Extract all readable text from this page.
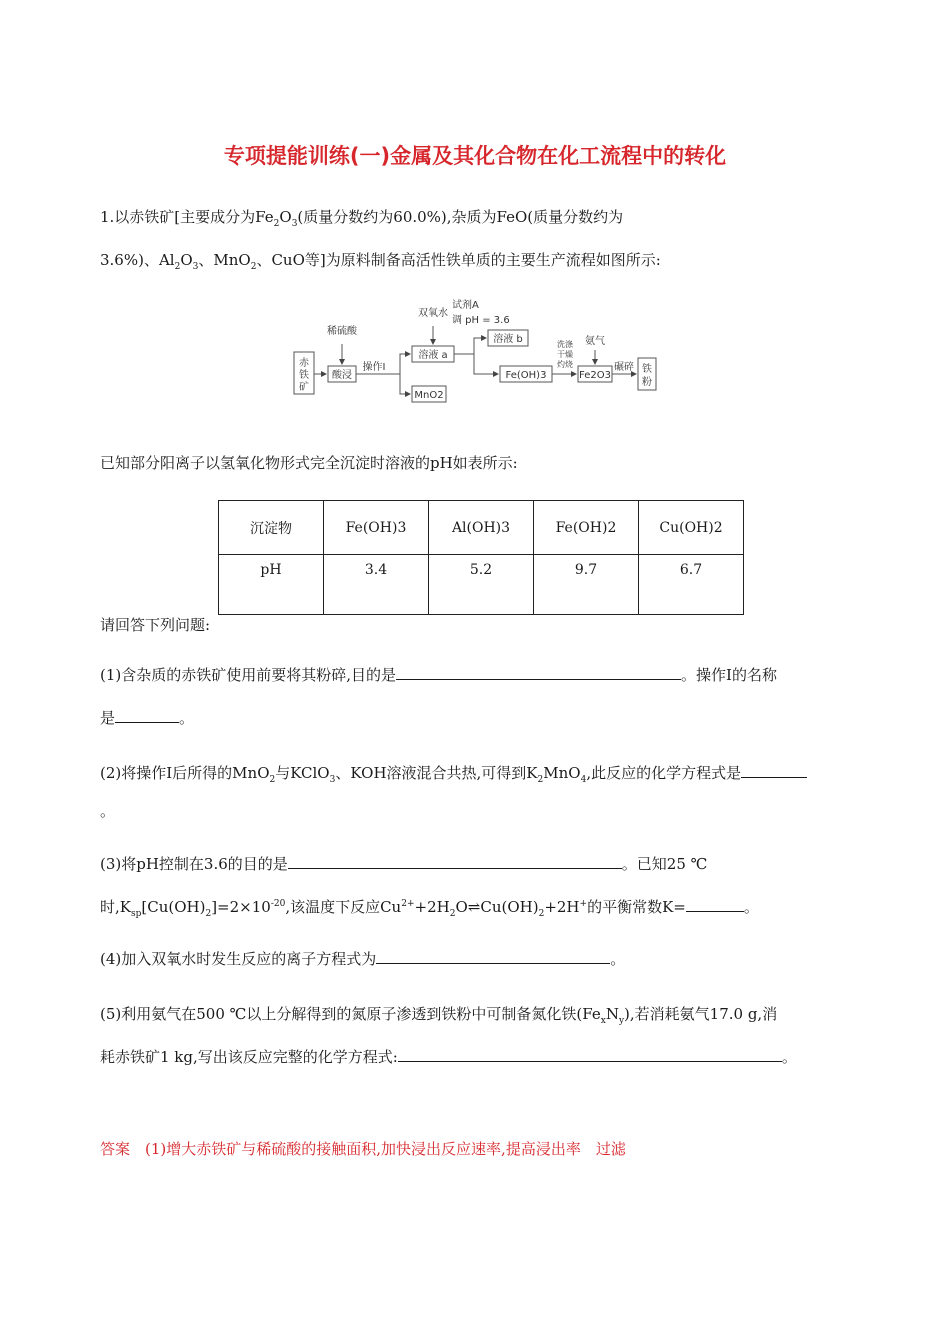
专项提能训练(一)金属及其化合物在化工流程中的转化
1.以赤铁矿[主要成分为$Fe_2O_3$(质量分数约为60.0%),杂质为FeO(质量分数约为
3.6%)、$Al_2O_3$、MnO$_2$、CuO等]为原料制备高活性铁单质的主要生产流程如图所示:
赤
铁
矿
稀硫酸
酸浸
操作Ⅰ
双氧水
试剂A
调 pH = 3.6
溶液 a
MnO2
溶液 b
Fe(OH)3
洗涤
干燥
灼烧
氨气
Fe2O3
碾碎 铁
粉
已知部分阳离子以氢氧化物形式完全沉淀时溶液的pH如表所示:
沉淀物	Fe(OH)3	Al(OH)3	Fe(OH)2	Cu(OH)2
pH	3.4	5.2	9.7	6.7
请回答下列问题:
(1)含杂质的赤铁矿使用前要将其粉碎,目的是	。操作Ⅰ的名称
是	。
(2)将操作Ⅰ后所得的MnO$_2$与KClO$_3$、KOH溶液混合共热,可得到$K_2MnO_4$,此反应的化学方程式是
。
(3)将pH控制在3.6的目的是	。已知25 ℃
时$,K_{sp}[Cu(OH)_2]=2\times 10^{-20}$,该温度下反应$Cu^{2+}+2H_2O\rightleftharpoons Cu(OH)_2+2H^+$的平衡常数K=	。
(4)加入双氧水时发生反应的离子方程式为	。
(5)利用氨气在500 ℃以上分解得到的氮原子渗透到铁粉中可制备氮化铁$(Fe_xN_y)$,若消耗氨气17.0 g,消
耗赤铁矿1 kg,写出该反应完整的化学方程式:	。
答案　 (1)增大赤铁矿与稀硫酸的接触面积,加快浸出反应速率,提高浸出率　过滤
